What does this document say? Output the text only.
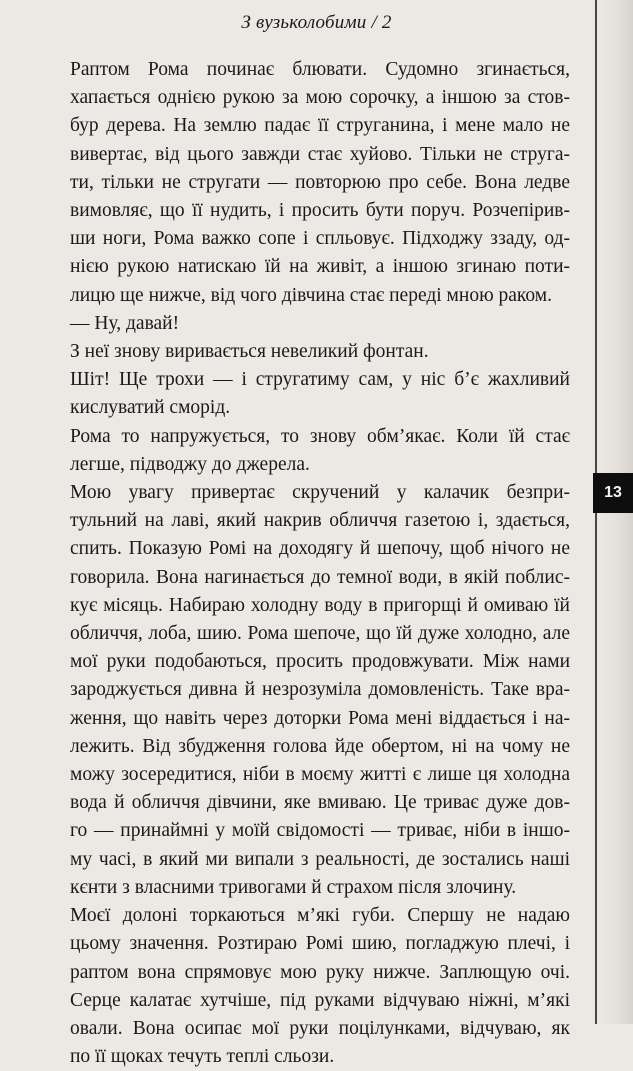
З вузьколобими / 2
Раптом Рома починає блювати. Судомно згинається,
хапається однією рукою за мою сорочку, а іншою за стов-
бур дерева. На землю падає її струганина, і мене мало не
вивертає, від цього завжди стає хуйово. Тільки не струга-
ти, тільки не стругати — повторюю про себе. Вона ледве
вимовляє, що її нудить, і просить бути поруч. Розчепірив-
ши ноги, Рома важко сопе і спльовує. Підходжу ззаду, од-
нією рукою натискаю їй на живіт, а іншою згинаю поти-
лицю ще нижче, від чого дівчина стає переді мною раком.
— Ну, давай!
З неї знову виривається невеликий фонтан.
Шіт! Ще трохи — і стругатиму сам, у ніс б’є жахливий
кислуватий сморід.
Рома то напружується, то знову обм’якає. Коли їй стає
легше, підводжу до джерела.
Мою увагу привертає скручений у калачик безпри-
тульний на лаві, який накрив обличчя газетою і, здається,
спить. Показую Ромі на доходягу й шепочу, щоб нічого не
говорила. Вона нагинається до темної води, в якій поблис-
кує місяць. Набираю холодну воду в пригорщі й омиваю їй
обличчя, лоба, шию. Рома шепоче, що їй дуже холодно, але
мої руки подобаються, просить продовжувати. Між нами
зароджується дивна й незрозуміла домовленість. Таке вра-
ження, що навіть через доторки Рома мені віддається і на-
лежить. Від збудження голова йде обертом, ні на чому не
можу зосередитися, ніби в моєму житті є лише ця холодна
вода й обличчя дівчини, яке вмиваю. Це триває дуже дов-
го — принаймні у моїй свідомості — триває, ніби в іншо-
му часі, в який ми випали з реальності, де зостались наші
кєнти з власними тривогами й страхом після злочину.
Моєї долоні торкаються м’які губи. Спершу не надаю
цьому значення. Розтираю Ромі шию, погладжую плечі, і
раптом вона спрямовує мою руку нижче. Заплющую очі.
Серце калатає хутчіше, під руками відчуваю ніжні, м’які
овали. Вона осипає мої руки поцілунками, відчуваю, як
по її щоках течуть теплі сльози.
13
